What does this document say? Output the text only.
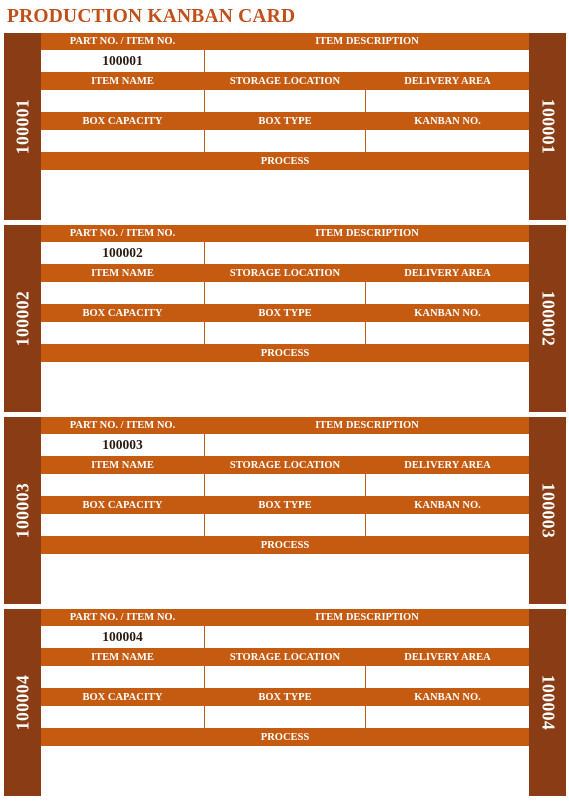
PRODUCTION KANBAN CARD
100001
PART NO. / ITEM NO.	ITEM DESCRIPTION
100001
ITEM NAME	STORAGE LOCATION	DELIVERY AREA
BOX CAPACITY	BOX TYPE	KANBAN NO.
PROCESS
100001
100002
PART NO. / ITEM NO.	ITEM DESCRIPTION
100002
ITEM NAME	STORAGE LOCATION	DELIVERY AREA
BOX CAPACITY	BOX TYPE	KANBAN NO.
PROCESS
100002
100003
PART NO. / ITEM NO.	ITEM DESCRIPTION
100003
ITEM NAME	STORAGE LOCATION	DELIVERY AREA
BOX CAPACITY	BOX TYPE	KANBAN NO.
PROCESS
100003
100004
PART NO. / ITEM NO.	ITEM DESCRIPTION
100004
ITEM NAME	STORAGE LOCATION	DELIVERY AREA
BOX CAPACITY	BOX TYPE	KANBAN NO.
PROCESS
100004
